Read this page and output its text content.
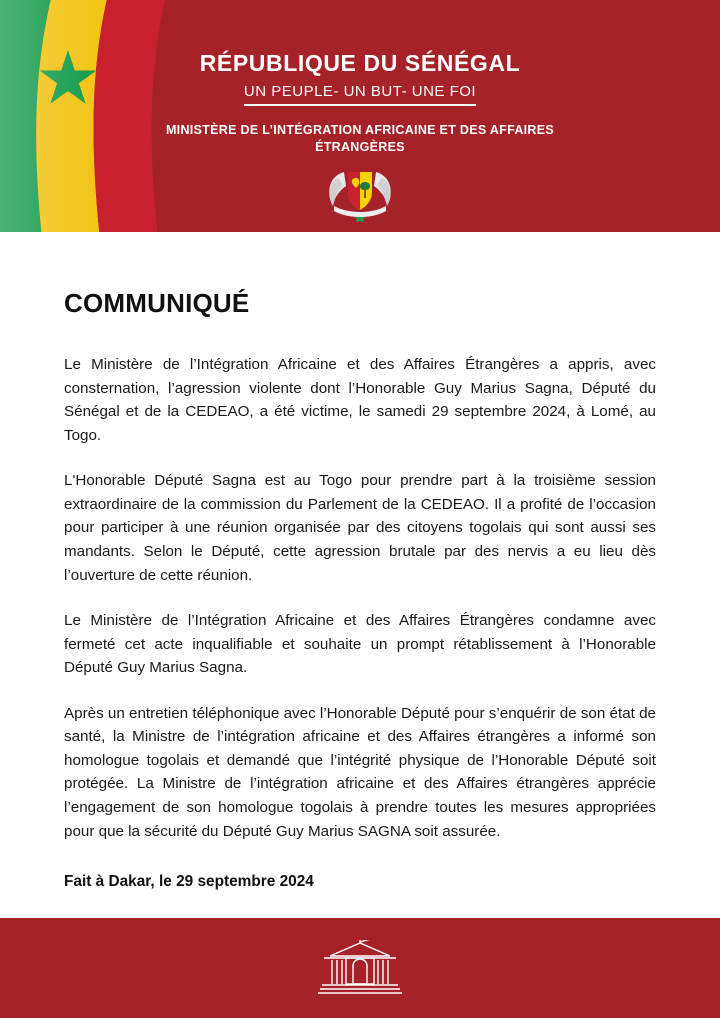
RÉPUBLIQUE DU SÉNÉGAL
UN PEUPLE- UN BUT- UNE FOI
MINISTÈRE DE L’INTÉGRATION AFRICAINE ET DES AFFAIRES ÉTRANGÈRES
COMMUNIQUÉ

Le Ministère de l’Intégration Africaine et des Affaires Étrangères a appris, avec consternation, l’agression violente dont l’Honorable Guy Marius Sagna, Député du Sénégal et de la CEDEAO, a été victime, le samedi 29 septembre 2024, à Lomé, au Togo.

L'Honorable Député Sagna est au Togo pour prendre part à la troisième session extraordinaire de la commission du Parlement de la CEDEAO. Il a profité de l’occasion pour participer à une réunion organisée par des citoyens togolais qui sont aussi ses mandants. Selon le Député, cette agression brutale par des nervis a eu lieu dès l’ouverture de cette réunion.

Le Ministère de l’Intégration Africaine et des Affaires Étrangères condamne avec fermeté cet acte inqualifiable et souhaite un prompt rétablissement à l’Honorable Député Guy Marius Sagna.

Après un entretien téléphonique avec l’Honorable Député pour s’enquérir de son état de santé, la Ministre de l’intégration africaine et des Affaires étrangères a informé son homologue togolais et demandé que l’intégrité physique de l’Honorable Député soit protégée. La Ministre de l’intégration africaine et des Affaires étrangères apprécie l’engagement de son homologue togolais à prendre toutes les mesures appropriées pour que la sécurité du Député Guy Marius SAGNA soit assurée.

Fait à Dakar, le 29 septembre 2024
